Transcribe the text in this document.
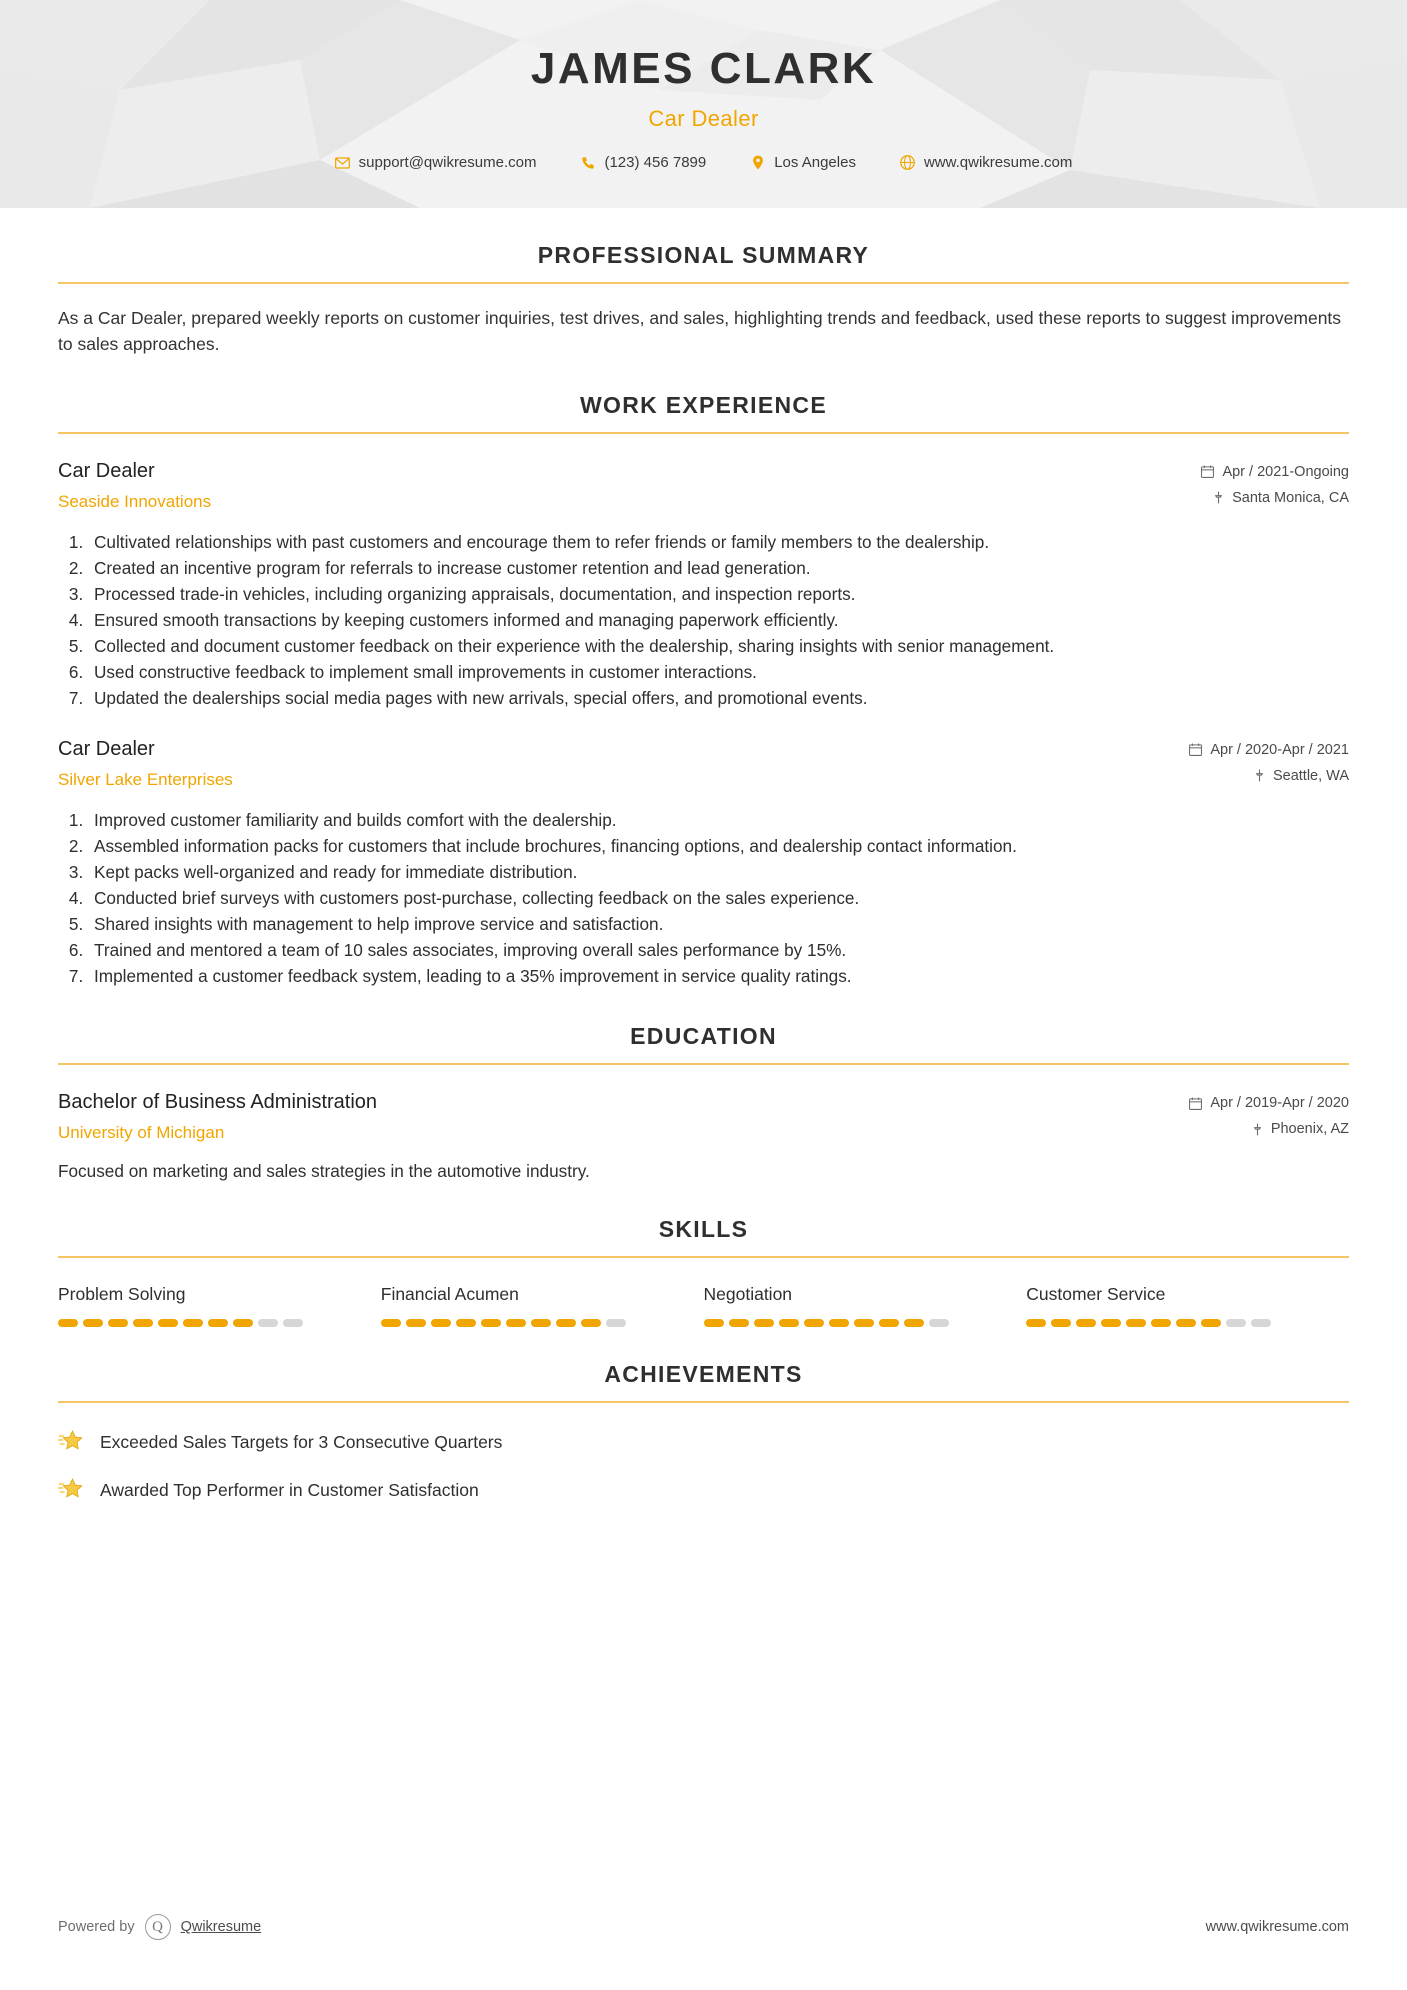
JAMES CLARK
Car Dealer
support@qwikresume.com	(123) 456 7899	Los Angeles	www.qwikresume.com
PROFESSIONAL SUMMARY
As a Car Dealer, prepared weekly reports on customer inquiries, test drives, and sales, highlighting trends and feedback, used these reports to suggest improvements to sales approaches.
WORK EXPERIENCE
Car Dealer
Seaside Innovations
Apr / 2021-Ongoing
Santa Monica, CA
1. Cultivated relationships with past customers and encourage them to refer friends or family members to the dealership.
2. Created an incentive program for referrals to increase customer retention and lead generation.
3. Processed trade-in vehicles, including organizing appraisals, documentation, and inspection reports.
4. Ensured smooth transactions by keeping customers informed and managing paperwork efficiently.
5. Collected and document customer feedback on their experience with the dealership, sharing insights with senior management.
6. Used constructive feedback to implement small improvements in customer interactions.
7. Updated the dealerships social media pages with new arrivals, special offers, and promotional events.
Car Dealer
Silver Lake Enterprises
Apr / 2020-Apr / 2021
Seattle, WA
1. Improved customer familiarity and builds comfort with the dealership.
2. Assembled information packs for customers that include brochures, financing options, and dealership contact information.
3. Kept packs well-organized and ready for immediate distribution.
4. Conducted brief surveys with customers post-purchase, collecting feedback on the sales experience.
5. Shared insights with management to help improve service and satisfaction.
6. Trained and mentored a team of 10 sales associates, improving overall sales performance by 15%.
7. Implemented a customer feedback system, leading to a 35% improvement in service quality ratings.
EDUCATION
Bachelor of Business Administration
University of Michigan
Apr / 2019-Apr / 2020
Phoenix, AZ
Focused on marketing and sales strategies in the automotive industry.
SKILLS
Problem Solving	Financial Acumen	Negotiation	Customer Service
ACHIEVEMENTS
Exceeded Sales Targets for 3 Consecutive Quarters
Awarded Top Performer in Customer Satisfaction
Powered by	Q	Qwikresume	www.qwikresume.com
